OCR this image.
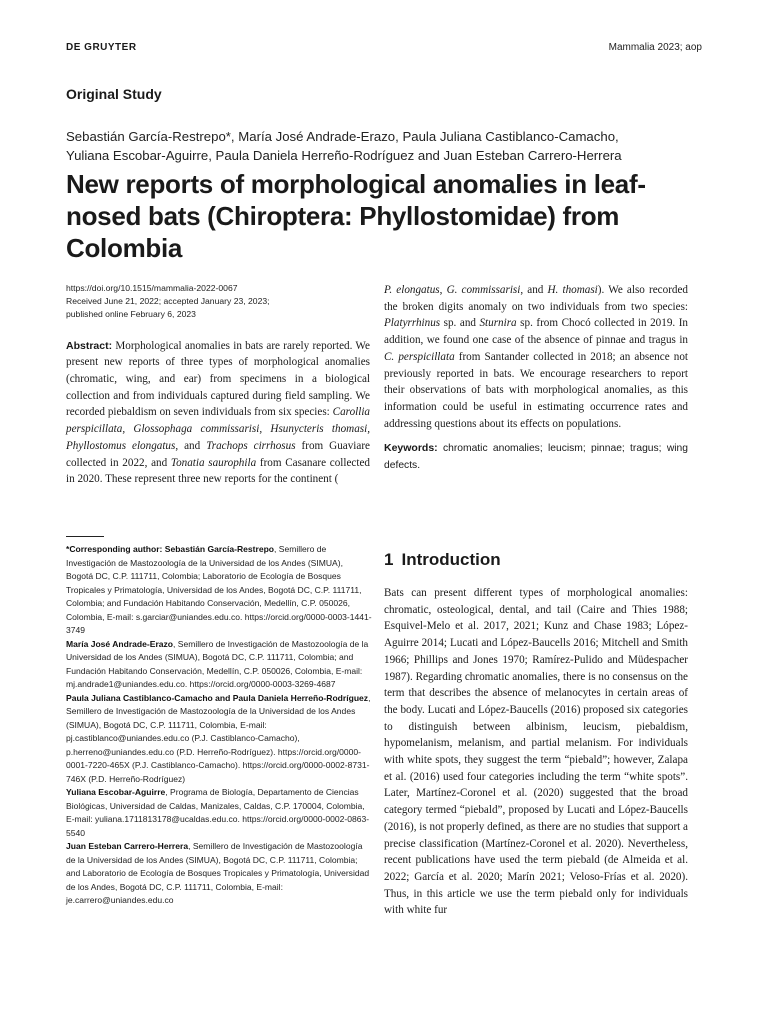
DE GRUYTER	Mammalia 2023; aop
Original Study
Sebastián García-Restrepo*, María José Andrade-Erazo, Paula Juliana Castiblanco-Camacho,
Yuliana Escobar-Aguirre, Paula Daniela Herreño-Rodríguez and Juan Esteban Carrero-Herrera
New reports of morphological anomalies in leaf-nosed bats (Chiroptera: Phyllostomidae) from Colombia
https://doi.org/10.1515/mammalia-2022-0067
Received June 21, 2022; accepted January 23, 2023;
published online February 6, 2023

Abstract: Morphological anomalies in bats are rarely reported. We present new reports of three types of morphological anomalies (chromatic, wing, and ear) from specimens in a biological collection and from individuals captured during field sampling. We recorded piebaldism on seven individuals from six species: Carollia perspicillata, Glossophaga commissarisi, Hsunycteris thomasi, Phyllostomus elongatus, and Trachops cirrhosus from Guaviare collected in 2022, and Tonatia saurophila from Casanare collected in 2020. These represent three new reports for the continent (

P. elongatus, G. commissarisi, and H. thomasi). We also recorded the broken digits anomaly on two individuals from two species: Platyrrhinus sp. and Sturnira sp. from Chocó collected in 2019. In addition, we found one case of the absence of pinnae and tragus in C. perspicillata from Santander collected in 2018; an absence not previously reported in bats. We encourage researchers to report their observations of bats with morphological anomalies, as this information could be useful in estimating occurrence rates and addressing questions about its effects on populations.

Keywords: chromatic anomalies; leucism; pinnae; tragus; wing defects.

*Corresponding author: Sebastián García-Restrepo, Semillero de Investigación de Mastozoología de la Universidad de los Andes (SIMUA), Bogotá DC, C.P. 111711, Colombia; Laboratorio de Ecología de Bosques Tropicales y Primatología, Universidad de los Andes, Bogotá DC, C.P. 111711, Colombia; and Fundación Habitando Conservación, Medellín, C.P. 050026, Colombia, E-mail: s.garciar@uniandes.edu.co. https://orcid.org/0000-0003-1441-3749

María José Andrade-Erazo, Semillero de Investigación de Mastozoología de la Universidad de los Andes (SIMUA), Bogotá DC, C.P. 111711, Colombia; and Fundación Habitando Conservación, Medellín, C.P. 050026, Colombia, E-mail: mj.andrade1@uniandes.edu.co. https://orcid.org/0000-0003-3269-4687

Paula Juliana Castiblanco-Camacho and Paula Daniela Herreño-Rodríguez, Semillero de Investigación de Mastozoología de la Universidad de los Andes (SIMUA), Bogotá DC, C.P. 111711, Colombia, E-mail: pj.castiblanco@uniandes.edu.co (P.J. Castiblanco-Camacho), p.herreno@uniandes.edu.co (P.D. Herreño-Rodríguez). https://orcid.org/0000-0001-7220-465X (P.J. Castiblanco-Camacho). https://orcid.org/0000-0002-8731-746X (P.D. Herreño-Rodríguez)

Yuliana Escobar-Aguirre, Programa de Biología, Departamento de Ciencias Biológicas, Universidad de Caldas, Manizales, Caldas, C.P. 170004, Colombia, E-mail: yuliana.1711813178@ucaldas.edu.co. https://orcid.org/0000-0002-0863-5540

Juan Esteban Carrero-Herrera, Semillero de Investigación de Mastozoología de la Universidad de los Andes (SIMUA), Bogotá DC, C.P. 111711, Colombia; and Laboratorio de Ecología de Bosques Tropicales y Primatología, Universidad de los Andes, Bogotá DC, C.P. 111711, Colombia, E-mail: je.carrero@uniandes.edu.co

1 Introduction

Bats can present different types of morphological anomalies: chromatic, osteological, dental, and tail (Caire and Thies 1988; Esquivel-Melo et al. 2017, 2021; Kunz and Chase 1983; López-Aguirre 2014; Lucati and López-Baucells 2016; Mitchell and Smith 1966; Phillips and Jones 1970; Ramírez-Pulido and Müdespacher 1987). Regarding chromatic anomalies, there is no consensus on the term that describes the absence of melanocytes in certain areas of the body. Lucati and López-Baucells (2016) proposed six categories to distinguish between albinism, leucism, piebaldism, hypomelanism, melanism, and partial melanism. For individuals with white spots, they suggest the term “piebald”; however, Zalapa et al. (2016) used four categories including the term “white spots”. Later, Martínez-Coronel et al. (2020) suggested that the broad category termed “piebald”, proposed by Lucati and López-Baucells (2016), is not properly defined, as there are no studies that support a precise classification (Martínez-Coronel et al. 2020). Nevertheless, recent publications have used the term piebald (de Almeida et al. 2022; García et al. 2020; Marín 2021; Veloso-Frías et al. 2020). Thus, in this article we use the term piebald only for individuals with white fur
